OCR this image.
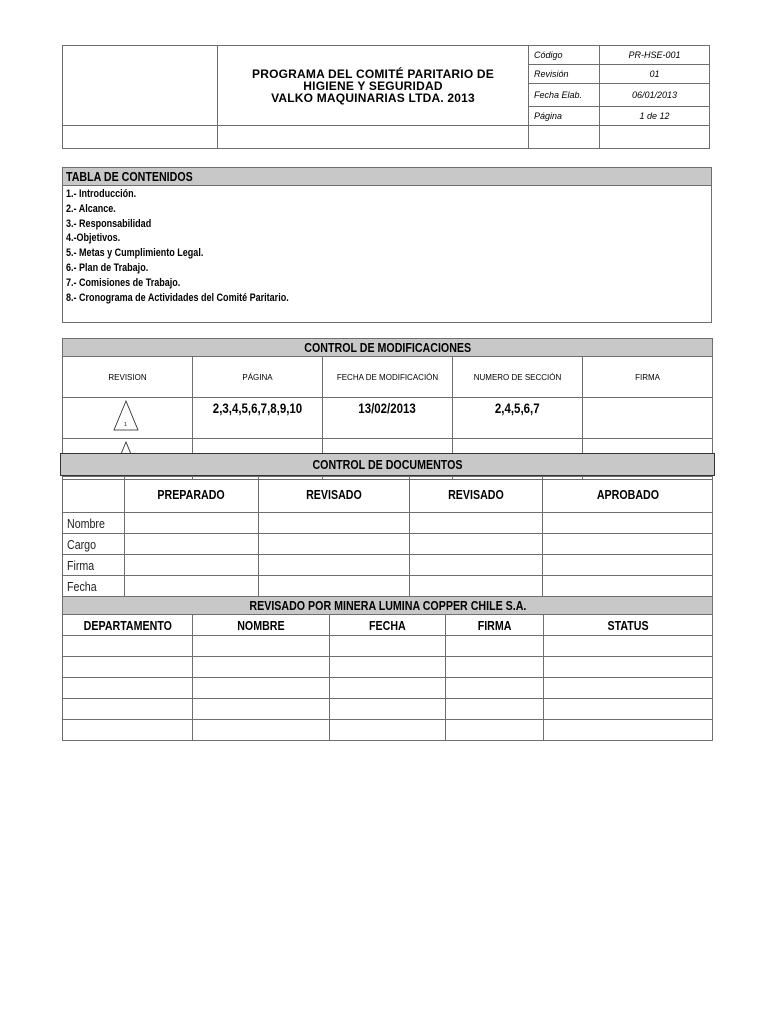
	PROGRAMA DEL COMITÉ PARITARIO DE
HIGIENE Y SEGURIDAD
VALKO MAQUINARIAS LTDA. 2013	Código	PR-HSE-001
		Revisión	01
		Fecha Elab.	06/01/2013
		Página	1 de 12

TABLA DE CONTENIDOS

1.- Introducción.
2.- Alcance.
3.- Responsabilidad
4.-Objetivos.
5.- Metas y Cumplimiento Legal.
6.- Plan de Trabajo.
7.- Comisiones de Trabajo.
8.- Cronograma de Actividades del Comité Paritario.
CONTROL DE MODIFICACIONES				
REVISION	PÁGINA	FECHA DE MODIFICACIÓN	NUMERO DE SECCIÓN	FIRMA

1	2,3,4,5,6,7,8,9,10	13/02/2013	2,4,5,6,7	

CONTROL DE DOCUMENTOS
	PREPARADO	REVISADO	REVISADO	APROBADO
Nombre				
Cargo				
Firma				
Fecha				
REVISADO POR MINERA LUMINA COPPER CHILE S.A.				
DEPARTAMENTO	NOMBRE	FECHA	FIRMA	STATUS
